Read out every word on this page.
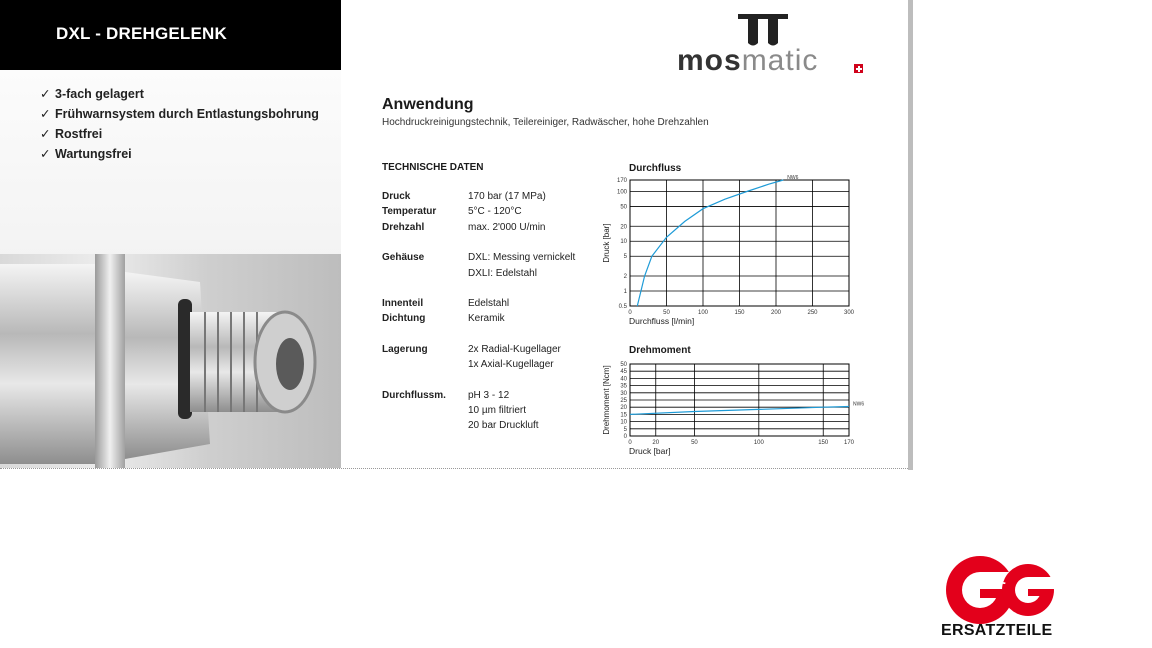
DXL - DREHGELENK
✓ 3-fach gelagert
✓ Frühwarnsystem durch Entlastungsbohrung
✓ Rostfrei
✓ Wartungsfrei
mosmatic
Anwendung
Hochdruckreinigungstechnik, Teilereiniger, Radwäscher, hohe Drehzahlen
TECHNISCHE DATEN
Druck	170 bar (17 MPa)
Temperatur	5°C - 120°C
Drehzahl	max. 2'000 U/min
Gehäuse	DXL: Messing vernickelt
DXLI: Edelstahl
Innenteil	Edelstahl
Dichtung	Keramik
Lagerung	2x Radial-Kugellager
1x Axial-Kugellager
Durchflussm. pH 3 - 12
10 µm filtriert
20 bar Druckluft
Durchfluss
0	50	100	150	200	250	300
0.5
1
2
5
10
20
50
100
170	NW6
Durchfluss [l/min]
Druck [bar]
Drehmoment
0	20	50	100	150	170
0
5
10
15
20
25
30
35
40
45
50
NW6
Druck [bar]
Drehmoment [Ncm]
&
ERSATZTEILE
